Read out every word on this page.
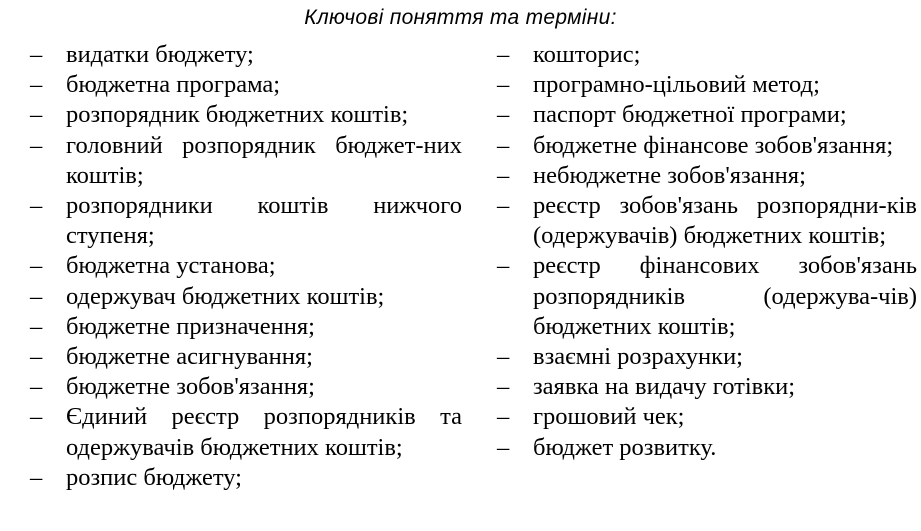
Ключові поняття та терміни:
– видатки бюджету;
– бюджетна програма;
– розпорядник бюджетних коштів;
– головний розпорядник бюджет-них коштів;
– розпорядники коштів нижчого ступеня;
– бюджетна установа;
– одержувач бюджетних коштів;
– бюджетне призначення;
– бюджетне асигнування;
– бюджетне зобов'язання;
– Єдиний реєстр розпорядників та одержувачів бюджетних коштів;
– розпис бюджету;
– кошторис;
– програмно-цільовий метод;
– паспорт бюджетної програми;
– бюджетне фінансове зобов'язання;
– небюджетне зобов'язання;
– реєстр зобов'язань розпорядни-ків (одержувачів) бюджетних коштів;
– реєстр фінансових зобов'язань розпорядників (одержува-чів) бюджетних коштів;
– взаємні розрахунки;
– заявка на видачу готівки;
– грошовий чек;
– бюджет розвитку.
